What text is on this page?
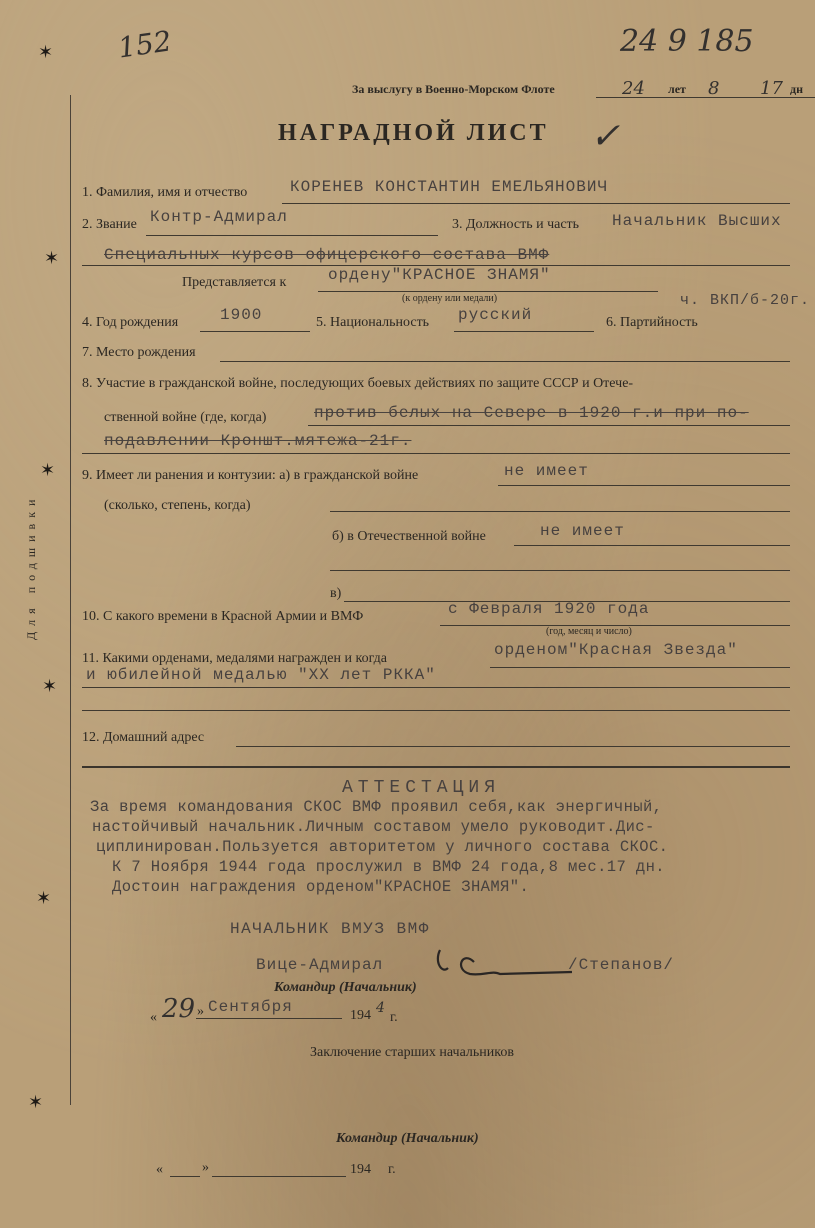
Для подшивки
✶
✶
✶
✶
✶
✶
152	24 9 185
За выслугу в Военно-Морском Флоте	24 лет 8 17 дн
НАГРАДНОЙ ЛИСТ ✓
1. Фамилия, имя и отчество	КОРЕНЕВ КОНСТАНТИН ЕМЕЛЬЯНОВИЧ
2. Звание Контр-Адмирал	3. Должность и часть Начальник Высших
Специальных курсов офицерского состава ВМФ
Представляется к	ордену"КРАСНОЕ ЗНАМЯ"
(к ордену или медали)	ч. ВКП/б-20г.
4. Год рождения	1900	5. Национальность русский	6. Партийность
7. Место рождения
8. Участие в гражданской войне, последующих боевых действиях по защите СССР и Отече-
ственной войне (где, когда)	против белых на Севере в 1920 г.и при по-
подавлении Кроншт.мятежа-21г.
9. Имеет ли ранения и контузии: а) в гражданской войне	не имеет
(сколько, степень, когда)
б) в Отечественной войне	не имеет
в)
10. С какого времени в Красной Армии и ВМФ	с Февраля 1920 года
(год, месяц и число)
11. Какими орденами, медалями награжден и когда	орденом"Красная Звезда"
и юбилейной медалью "XX лет РККА"
12. Домашний адрес
АТТЕСТАЦИЯ
За время командования СКОС ВМФ проявил себя,как энергичный,
настойчивый начальник.Личным составом умело руководит.Дис-
циплинирован.Пользуется авторитетом у личного состава СКОС.
К 7 Ноября 1944 года прослужил в ВМФ 24 года,8 мес.17 дн.
Достоин награждения орденом"КРАСНОЕ ЗНАМЯ".
НАЧАЛЬНИК ВМУЗ ВМФ
Вице-Адмирал	/Степанов/
Командир (Начальник)
« 29 » Сентября	194 4
г.
Заключение старших начальников
Командир (Начальник)
«	»	194 г.
